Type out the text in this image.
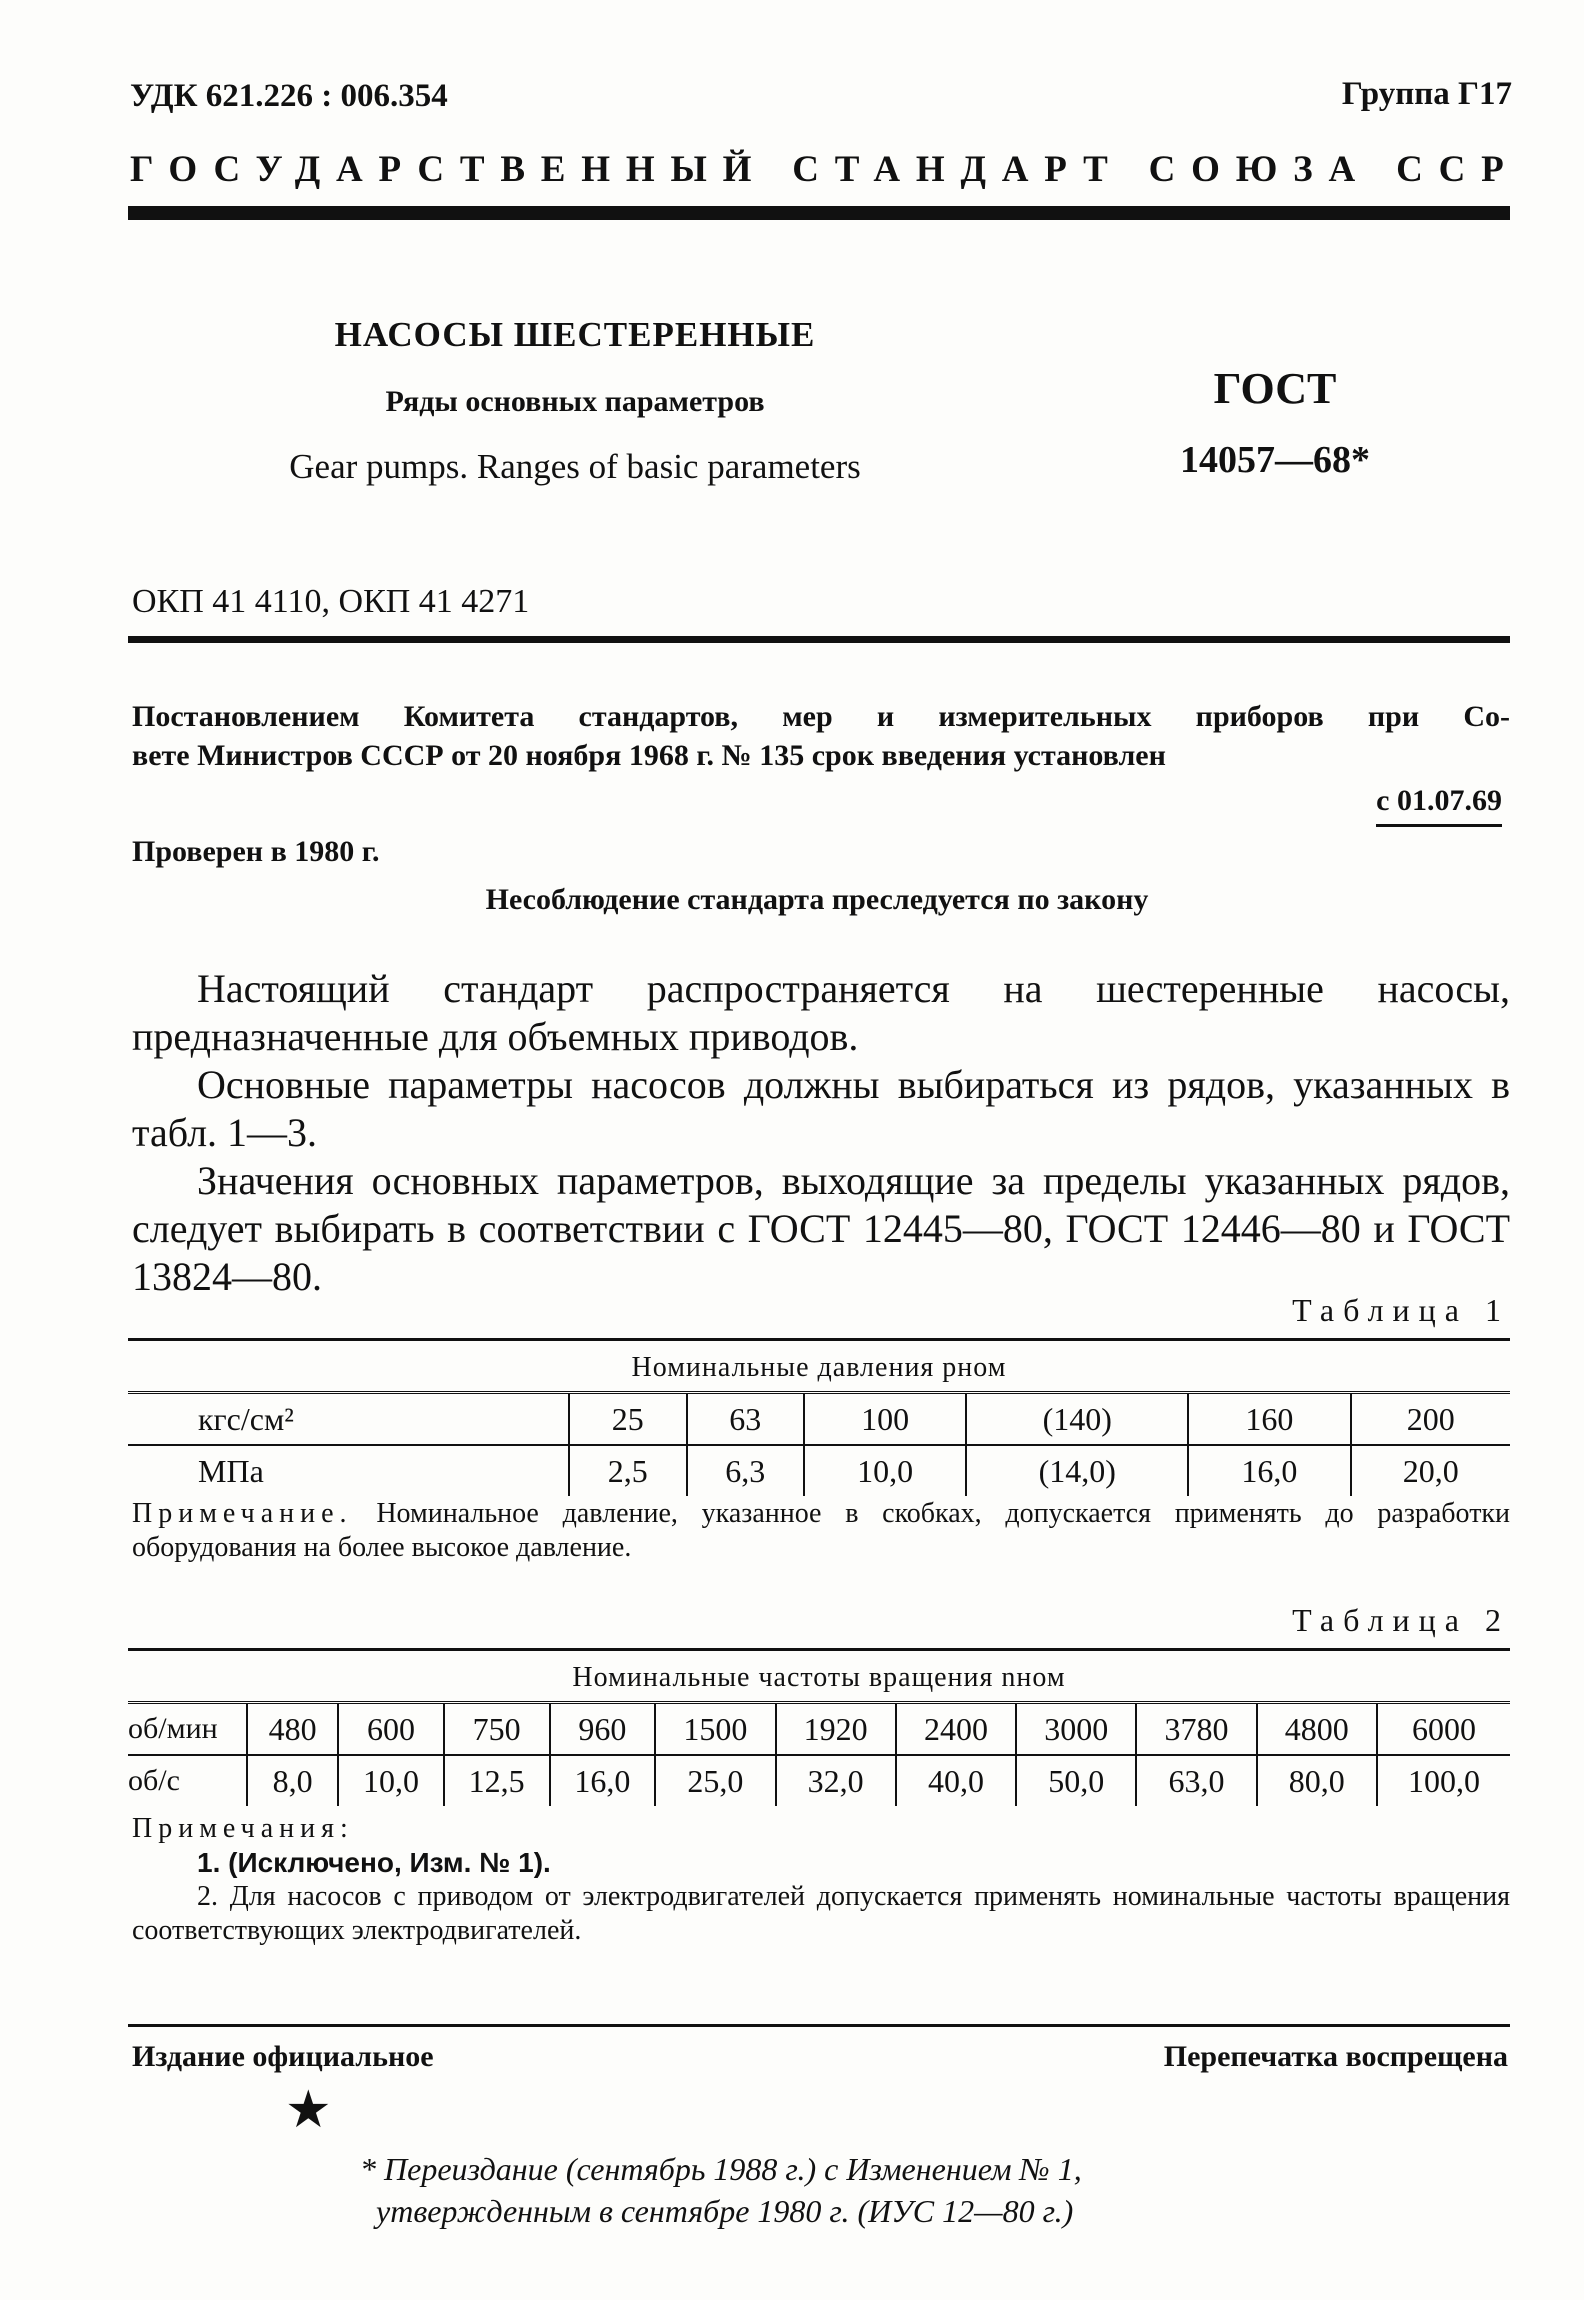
УДК 621.226 : 006.354	Группа Г17
ГОСУДАРСТВЕННЫЙ СТАНДАРТ СОЮЗА ССР
НАСОСЫ ШЕСТЕРЕННЫЕ
Ряды основных параметров
Gear pumps. Ranges of basic parameters
ГОСТ
14057—68*
ОКП 41 4110, ОКП 41 4271
Постановлением Комитета стандартов, мер и измерительных приборов при Со-
вете Министров СССР от 20 ноября 1968 г. № 135 срок введения установлен
с 01.07.69
Проверен в 1980 г.
Несоблюдение стандарта преследуется по закону
Настоящий стандарт распространяется на шестеренные насосы, предназначенные для объемных приводов.
Основные параметры насосов должны выбираться из рядов, указанных в табл. 1—3.
Значения основных параметров, выходящие за пределы указанных рядов, следует выбирать в соответствии с ГОСТ 12445—80, ГОСТ 12446—80 и ГОСТ 13824—80.
Таблица 1
Номинальные давления pном						
кгс/см²	25	63	100	(140)	160	200
МПа	2,5	6,3	10,0	(14,0)	16,0	20,0
Примечание. Номинальное давление, указанное в скобках, допускается применять до разработки оборудования на более высокое давление.
Таблица 2
Номинальные частоты вращения nном											
об/мин	480	600	750	960	1500	1920	2400	3000	3780	4800	6000
об/с	8,0	10,0	12,5	16,0	25,0	32,0	40,0	50,0	63,0	80,0	100,0
Примечания:
1. (Исключено, Изм. № 1).
2. Для насосов с приводом от электродвигателей допускается применять номинальные частоты вращения соответствующих электродвигателей.
Издание официальное	Перепечатка воспрещена
★
* Переиздание (сентябрь 1988 г.) с Изменением № 1,
утвержденным в сентябре 1980 г. (ИУС 12—80 г.)
